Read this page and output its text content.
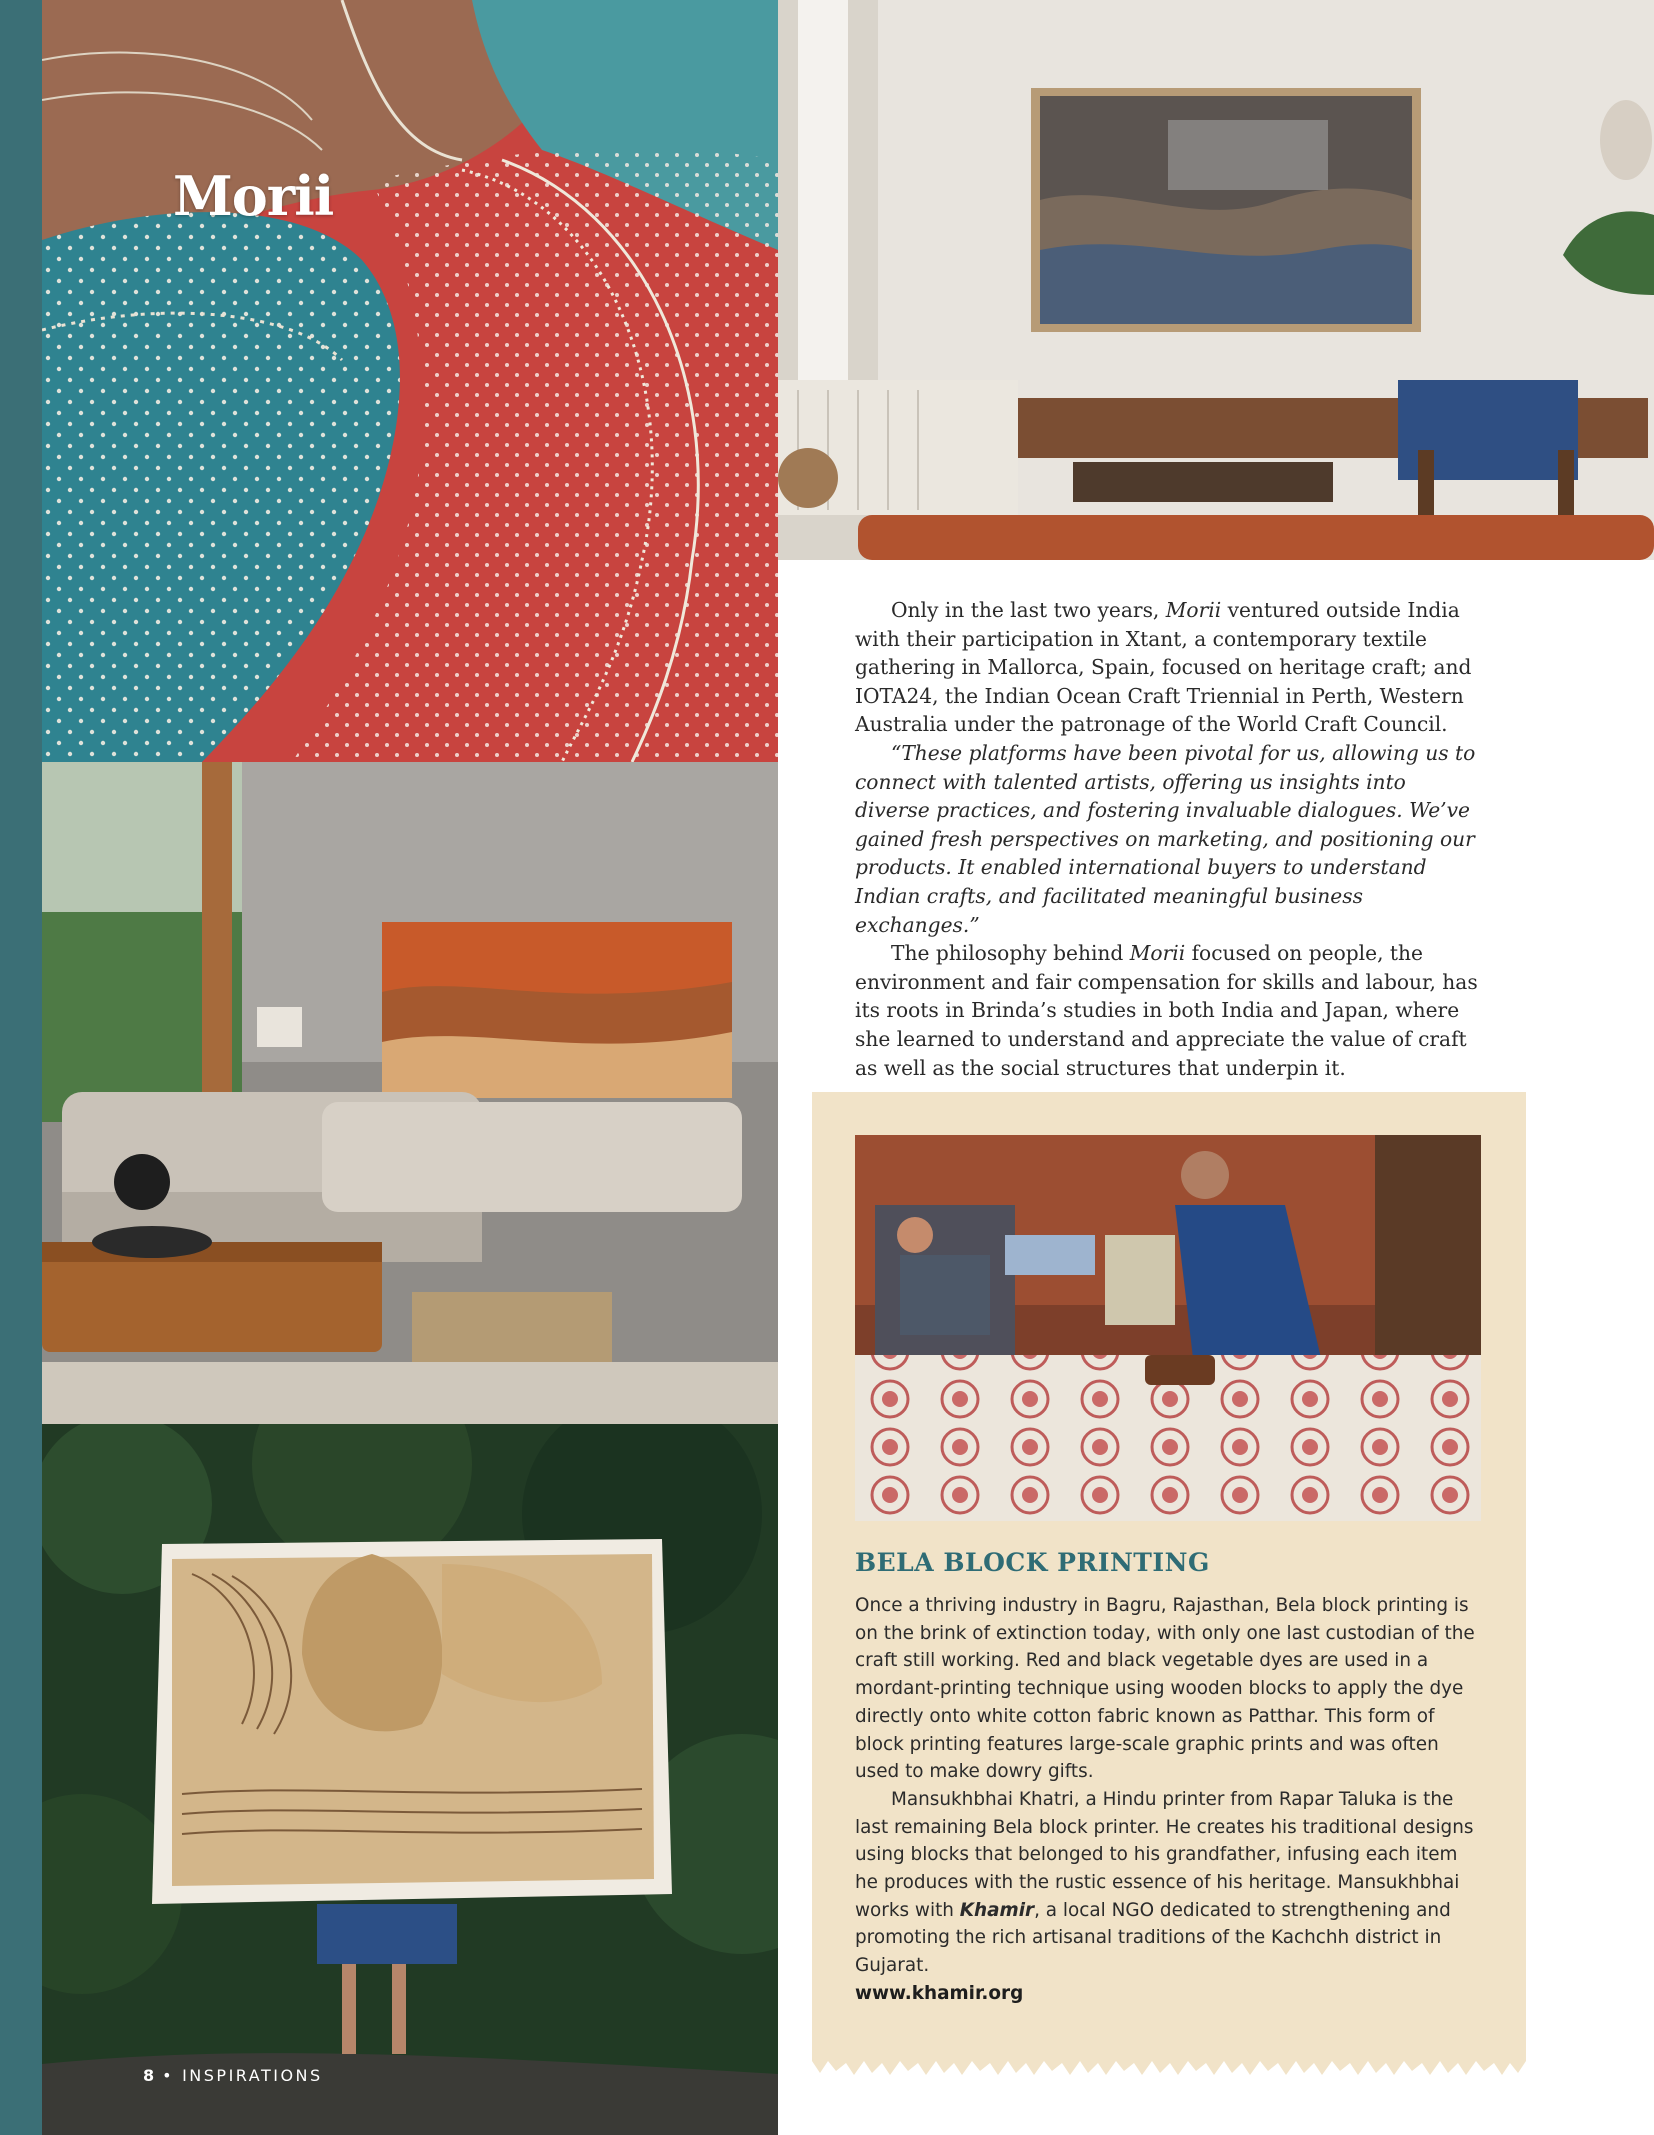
Morii

Only in the last two years, Morii ventured outside India with their participation in Xtant, a contemporary textile gathering in Mallorca, Spain, focused on heritage craft; and IOTA24, the Indian Ocean Craft Triennial in Perth, Western Australia under the patronage of the World Craft Council.

“These platforms have been pivotal for us, allowing us to connect with talented artists, offering us insights into diverse practices, and fostering invaluable dialogues. We’ve gained fresh perspectives on marketing, and positioning our products. It enabled international buyers to understand Indian crafts, and facilitated meaningful business exchanges.”

The philosophy behind Morii focused on people, the environment and fair compensation for skills and labour, has its roots in Brinda’s studies in both India and Japan, where she learned to understand and appreciate the value of craft as well as the social structures that underpin it.

BELA BLOCK PRINTING

Once a thriving industry in Bagru, Rajasthan, Bela block printing is on the brink of extinction today, with only one last custodian of the craft still working. Red and black vegetable dyes are used in a mordant-printing technique using wooden blocks to apply the dye directly onto white cotton fabric known as Patthar. This form of block printing features large-scale graphic prints and was often used to make dowry gifts.

Mansukhbhai Khatri, a Hindu printer from Rapar Taluka is the last remaining Bela block printer. He creates his traditional designs using blocks that belonged to his grandfather, infusing each item he produces with the rustic essence of his heritage. Mansukhbhai works with Khamir, a local NGO dedicated to strengthening and promoting the rich artisanal traditions of the Kachchh district in Gujarat.

www.khamir.org

8 • INSPIRATIONS
